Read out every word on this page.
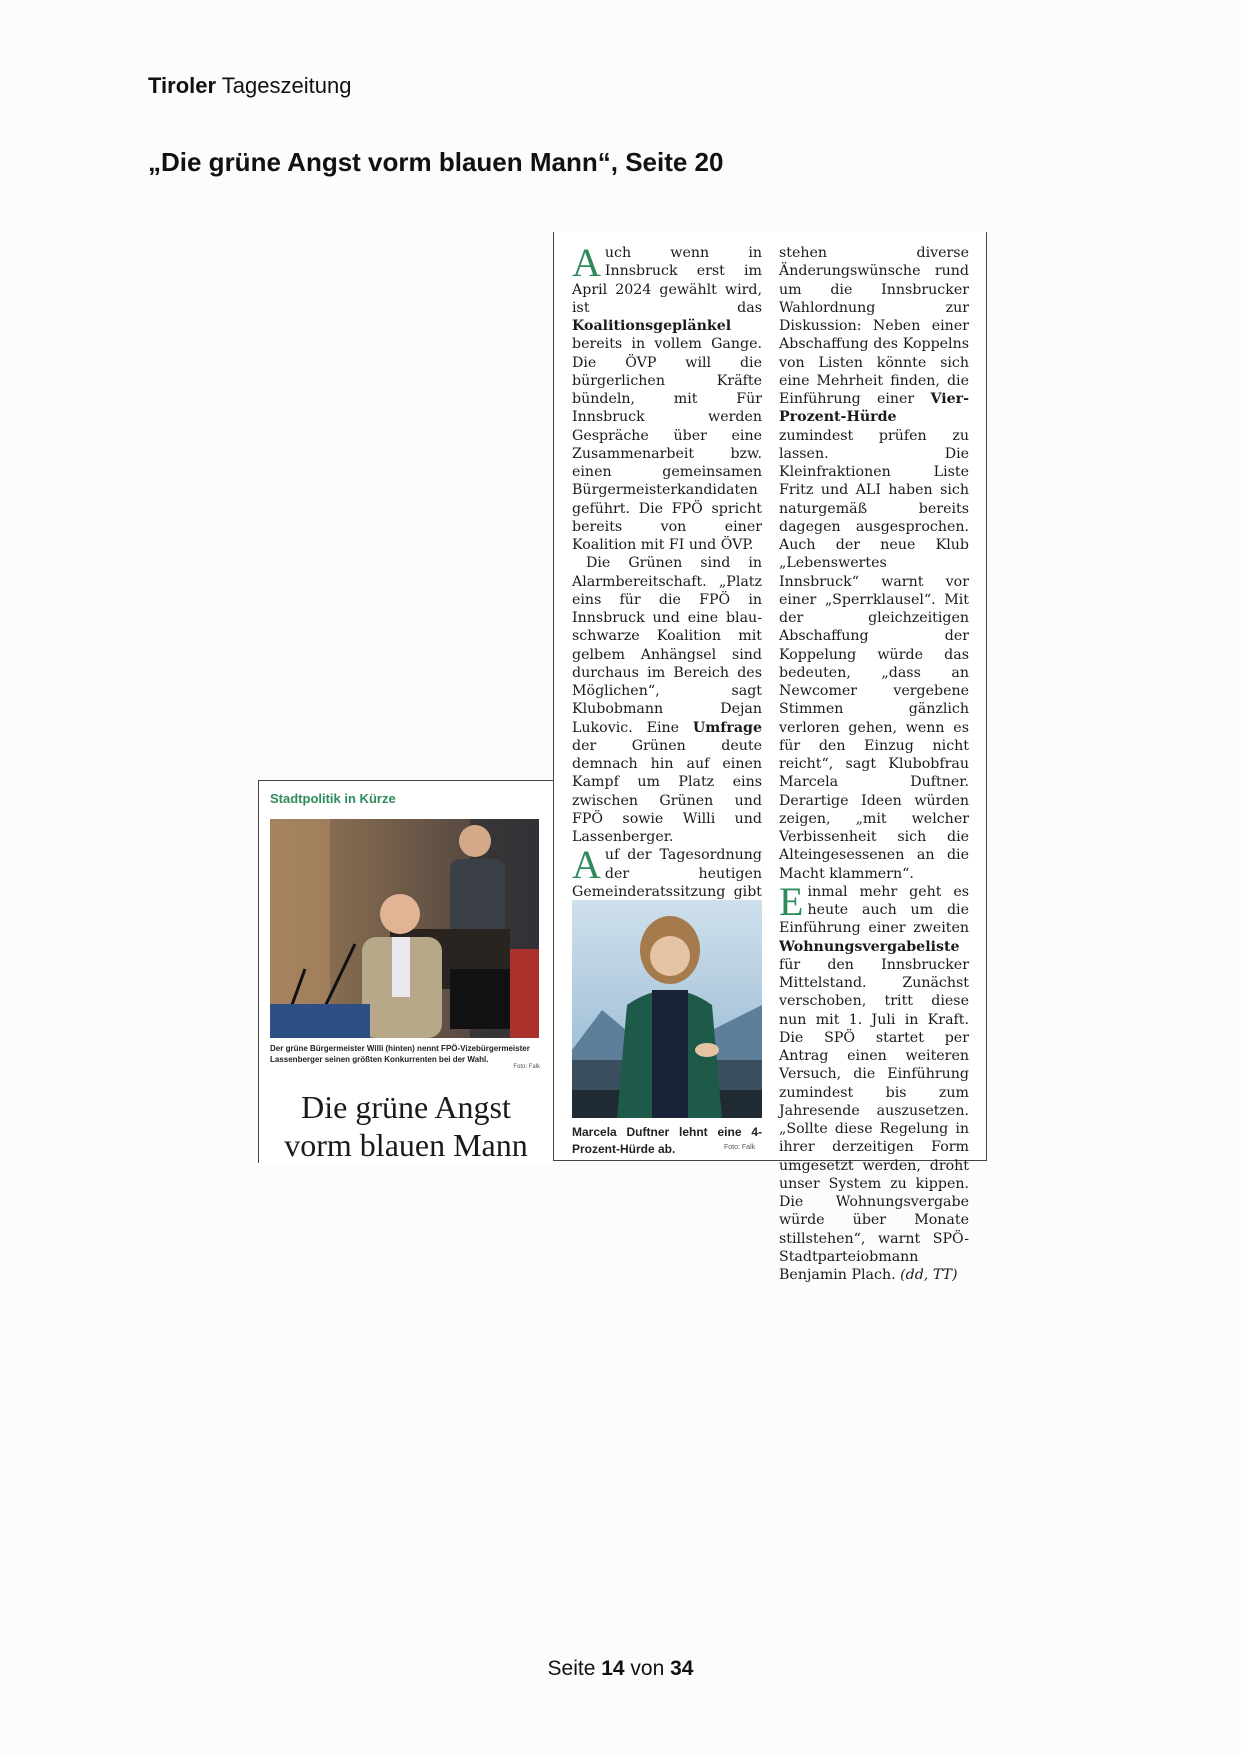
Tiroler Tageszeitung
„Die grüne Angst vorm blauen Mann“, Seite 20
Stadtpolitik in Kürze
Der grüne Bürgermeister Willi (hinten) nennt FPÖ-Vizebürgermeister Lassenberger seinen größten Konkurrenten bei der Wahl.
Foto: Falk
Die grüne Angst
vorm blauen Mann

Auch wenn in Innsbruck erst im April 2024 gewählt wird, ist das Koalitionsgeplänkel bereits in vollem Gange. Die ÖVP will die bürgerlichen Kräfte bündeln, mit Für Innsbruck werden Gespräche über eine Zusammenarbeit bzw. einen gemeinsamen Bürgermeisterkandidaten geführt. Die FPÖ spricht bereits von einer Koalition mit FI und ÖVP.

Die Grünen sind in Alarmbereitschaft. „Platz eins für die FPÖ in Innsbruck und eine blau-schwarze Koalition mit gelbem Anhängsel sind durchaus im Bereich des Möglichen“, sagt Klubobmann Dejan Lukovic. Eine Umfrage der Grünen deute demnach hin auf einen Kampf um Platz eins zwischen Grünen und FPÖ sowie Willi und Lassenberger.

Auf der Tagesordnung der heutigen Gemeinderatssitzung gibt

Marcela Duftner lehnt eine 4-Prozent-Hürde ab.	Foto: Falk

stehen diverse Änderungswünsche rund um die Innsbrucker Wahlordnung zur Diskussion: Neben einer Abschaffung des Koppelns von Listen könnte sich eine Mehrheit finden, die Einführung einer Vier-Prozent-Hürde zumindest prüfen zu lassen. Die Kleinfraktionen Liste Fritz und ALI haben sich naturgemäß bereits dagegen ausgesprochen. Auch der neue Klub „Lebenswertes Innsbruck“ warnt vor einer „Sperrklausel“. Mit der gleichzeitigen Abschaffung der Koppelung würde das bedeuten, „dass an Newcomer vergebene Stimmen gänzlich verloren gehen, wenn es für den Einzug nicht reicht“, sagt Klubobfrau Marcela Duftner. Derartige Ideen würden zeigen, „mit welcher Verbissenheit sich die Alteingesessenen an die Macht klammern“.

Einmal mehr geht es heute auch um die Einführung einer zweiten Wohnungsvergabeliste für den Innsbrucker Mittelstand. Zunächst verschoben, tritt diese nun mit 1. Juli in Kraft. Die SPÖ startet per Antrag einen weiteren Versuch, die Einführung zumindest bis zum Jahresende auszusetzen. „Sollte diese Regelung in ihrer derzeitigen Form umgesetzt werden, droht unser System zu kippen. Die Wohnungsvergabe würde über Monate stillstehen“, warnt SPÖ-Stadtparteiobmann Benjamin Plach. (dd, TT)

Seite 14 von 34
